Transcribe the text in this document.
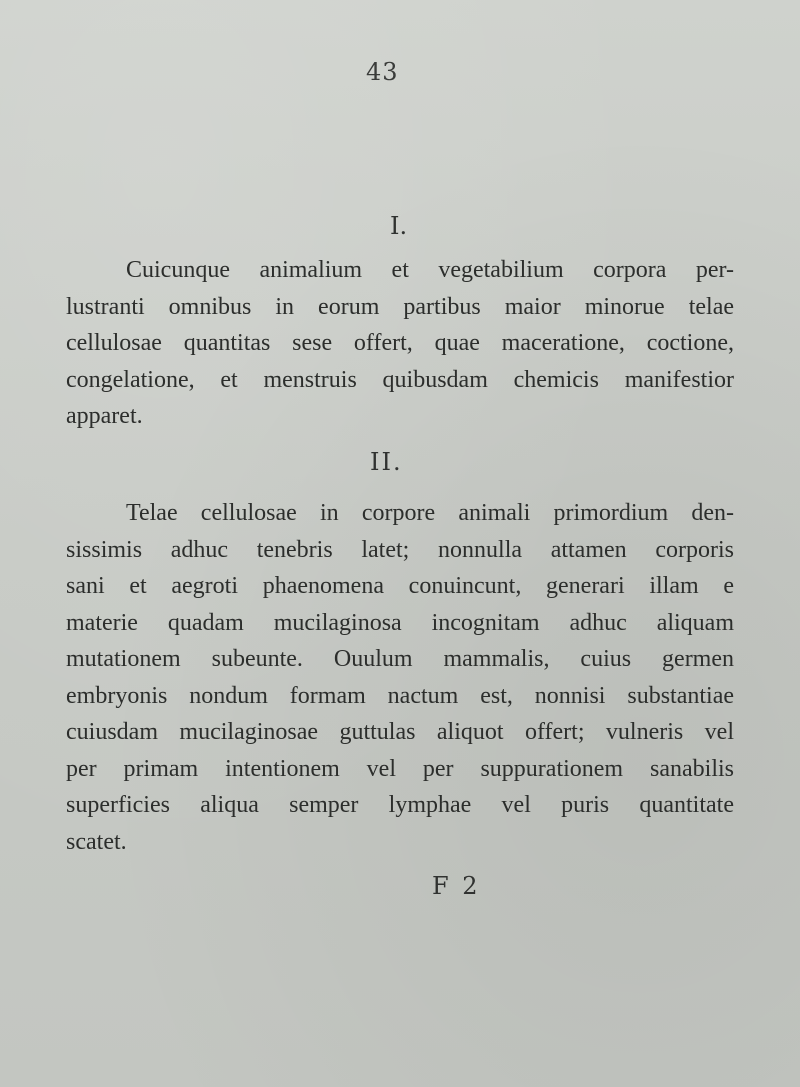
43
I.
Cuicunque animalium et vegetabilium corpora per-
lustranti omnibus in eorum partibus maior minorue telae
cellulosae quantitas sese offert, quae maceratione, coctione,
congelatione, et menstruis quibusdam chemicis manifestior
apparet.
II.
Telae cellulosae in corpore animali primordium den-
sissimis adhuc tenebris latet; nonnulla attamen corporis
sani et aegroti phaenomena conuincunt, generari illam e
materie quadam mucilaginosa incognitam adhuc aliquam
mutationem subeunte. Ouulum mammalis, cuius germen
embryonis nondum formam nactum est, nonnisi substantiae
cuiusdam mucilaginosae guttulas aliquot offert; vulneris vel
per primam intentionem vel per suppurationem sanabilis
superficies aliqua semper lymphae vel puris quantitate
scatet.
F 2
